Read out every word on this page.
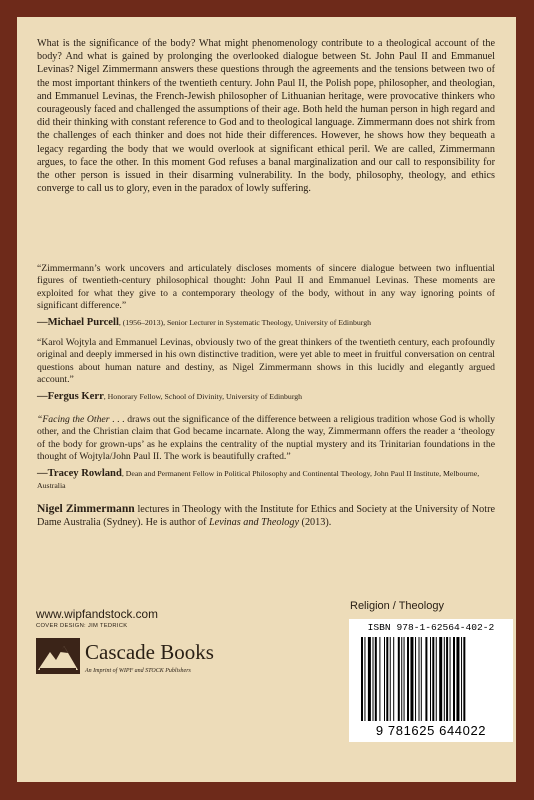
What is the significance of the body? What might phenomenology contribute to a theological account of the body? And what is gained by prolonging the overlooked dialogue between St. John Paul II and Emmanuel Levinas? Nigel Zimmermann answers these questions through the agreements and the tensions between two of the most important thinkers of the twentieth century. John Paul II, the Polish pope, philosopher, and theologian, and Emmanuel Levinas, the French-Jewish philosopher of Lithuanian heritage, were provocative thinkers who courageously faced and challenged the assumptions of their age. Both held the human person in high regard and did their thinking with constant reference to God and to theological language. Zimmermann does not shirk from the challenges of each thinker and does not hide their differences. However, he shows how they bequeath a legacy regarding the body that we would overlook at significant ethical peril. We are called, Zimmermann argues, to face the other. In this moment God refuses a banal marginalization and our call to responsibility for the other person is issued in their disarming vulnerability. In the body, philosophy, theology, and ethics converge to call us to glory, even in the paradox of lowly suffering.

“Zimmermann’s work uncovers and articulately discloses moments of sincere dialogue between two influential figures of twentieth-century philosophical thought: John Paul II and Emmanuel Levinas. These moments are exploited for what they give to a contemporary theology of the body, without in any way ignoring points of significant difference.”

—Michael Purcell, (1956–2013), Senior Lecturer in Systematic Theology, University of Edinburgh

“Karol Wojtyla and Emmanuel Levinas, obviously two of the great thinkers of the twentieth century, each profoundly original and deeply immersed in his own distinctive tradition, were yet able to meet in fruitful conversation on central questions about human nature and destiny, as Nigel Zimmermann shows in this lucidly and elegantly argued account.”

—Fergus Kerr, Honorary Fellow, School of Divinity, University of Edinburgh

“Facing the Other . . . draws out the significance of the difference between a religious tradition whose God is wholly other, and the Christian claim that God became incarnate. Along the way, Zimmermann offers the reader a ‘theology of the body for grown-ups’ as he explains the centrality of the nuptial mystery and its Trinitarian foundations in the thought of Wojtyla/John Paul II. The work is beautifully crafted.”

—Tracey Rowland, Dean and Permanent Fellow in Political Philosophy and Continental Theology, John Paul II Institute, Melbourne, Australia

Nigel Zimmermann lectures in Theology with the Institute for Ethics and Society at the University of Notre Dame Australia (Sydney). He is author of Levinas and Theology (2013).

www.wipfandstock.com
COVER DESIGN: JIM TEDRICK
Cascade Books
An Imprint of WIPF and STOCK Publishers
Religion / Theology
ISBN 978-1-62564-402-2
9 781625 644022
